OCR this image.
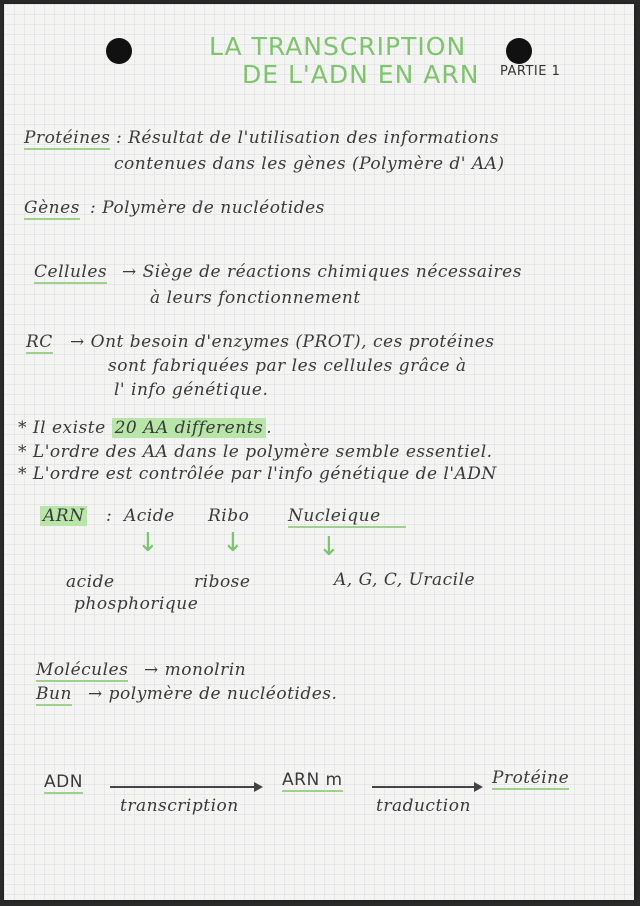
LA TRANSCRIPTION
DE L'ADN EN ARN PARTIE 1
Protéines : Résultat de l'utilisation des informations
contenues dans les gènes (Polymère d' AA)
Gènes : Polymère de nucléotides
Cellules → Siège de réactions chimiques nécessaires
à leurs fonctionnement
RC → Ont besoin d'enzymes (PROT), ces protéines
sont fabriquées par les cellules grâce à
l' info génétique.
* Il existe 20 AA differents .
* L'ordre des AA dans le polymère semble essentiel.
* L'ordre est contrôlée par l'info génétique de l'ADN
ARN : Acide Ribo Nucleique
↓ ↓	↓
acide
phosphorique
ribose	A, G, C, Uracile
Molécules → monolrin
Bun → polymère de nucléotides.
ADN
transcription
ARN m
traduction
Protéine
